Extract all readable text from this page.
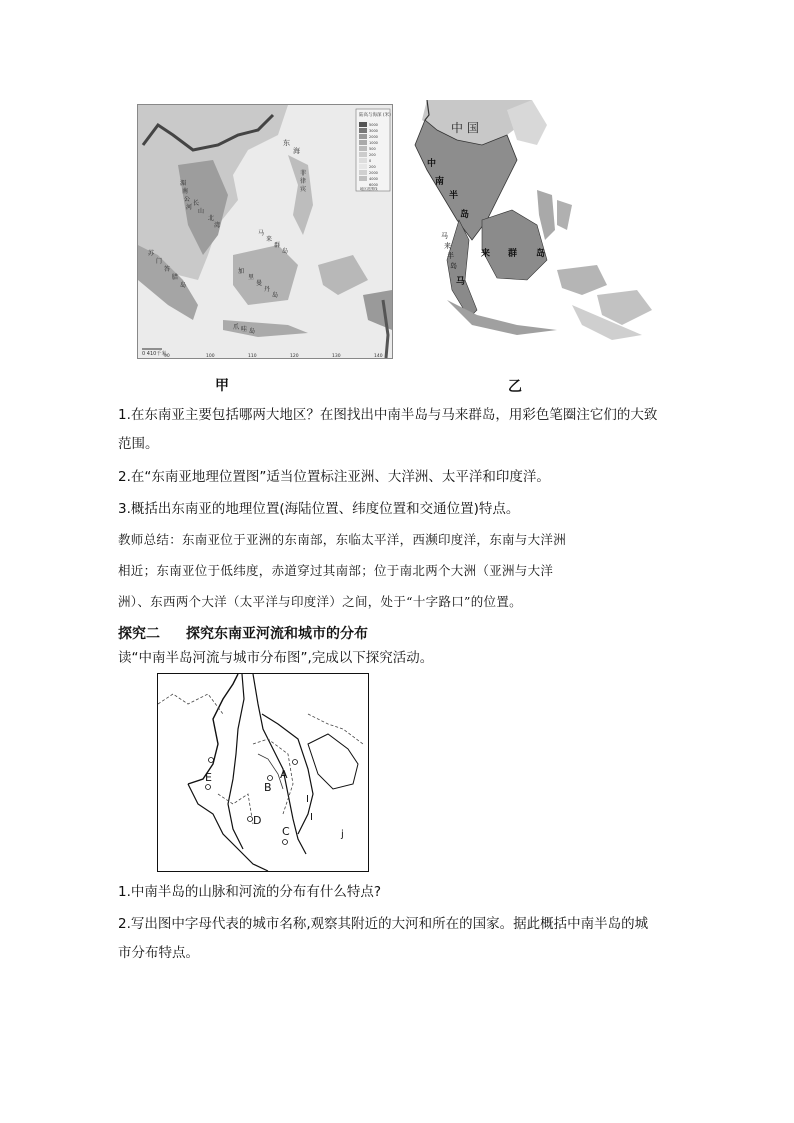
陆高与海深 (米)
5000
3000
2000
1000
500
200
0
200
2000
4000
6000
地区范围线
东
海
长
山
湄
南
公
河
北
湾
马
来
群
岛
加
里
曼
丹
岛
苏
门
答
腊
岛
爪 哇 岛
菲
律
宾
0 410千米
90	100	110	120	130	140
中 国
中
南
半
岛
马
来
半
岛
马
来 群 岛
甲	乙
1.在东南亚主要包括哪两大地区？在图找出中南半岛与马来群岛，用彩色笔圈注它们的大致
范围。
2.在“东南亚地理位置图”适当位置标注亚洲、大洋洲、太平洋和印度洋。
3.概括出东南亚的地理位置(海陆位置、纬度位置和交通位置)特点。
教师总结：东南亚位于亚洲的东南部，东临太平洋，西濒印度洋，东南与大洋洲
相近；东南亚位于低纬度，赤道穿过其南部；位于南北两个大洲（亚洲与大洋
洲）、东西两个大洋（太平洋与印度洋）之间，处于“十字路口”的位置。
探究二 探究东南亚河流和城市的分布
读“中南半岛河流与城市分布图”,完成以下探究活动。
E
B
A
D
C
I
I
j
1.中南半岛的山脉和河流的分布有什么特点?
2.写出图中字母代表的城市名称,观察其附近的大河和所在的国家。据此概括中南半岛的城
市分布特点。
